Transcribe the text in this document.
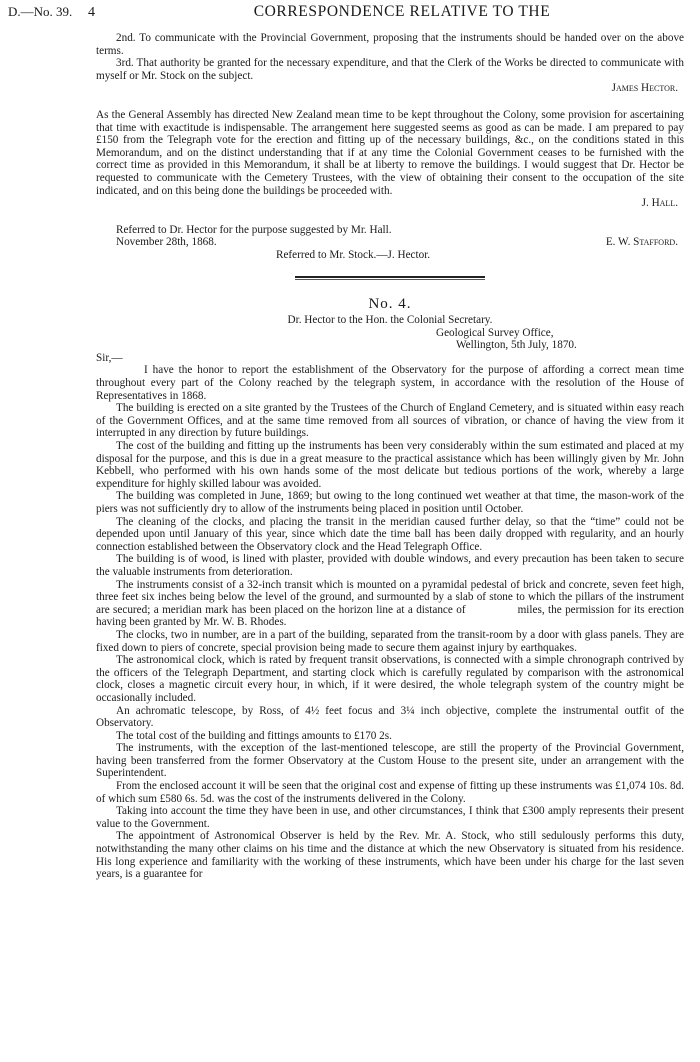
D.—No. 39.	4	CORRESPONDENCE RELATIVE TO THE

2nd. To communicate with the Provincial Government, proposing that the instruments should be handed over on the above terms.

3rd. That authority be granted for the necessary expenditure, and that the Clerk of the Works be directed to communicate with myself or Mr. Stock on the subject.

James Hector.

As the General Assembly has directed New Zealand mean time to be kept throughout the Colony, some provision for ascertaining that time with exactitude is indispensable. The arrangement here suggested seems as good as can be made. I am prepared to pay £150 from the Telegraph vote for the erection and fitting up of the necessary buildings, &c., on the conditions stated in this Memorandum, and on the distinct understanding that if at any time the Colonial Government ceases to be furnished with the correct time as provided in this Memorandum, it shall be at liberty to remove the buildings. I would suggest that Dr. Hector be requested to communicate with the Cemetery Trustees, with the view of obtaining their consent to the occupation of the site indicated, and on this being done the buildings be proceeded with.

J. Hall.

Referred to Dr. Hector for the purpose suggested by Mr. Hall.

November 28th, 1868.	E. W. Stafford.

Referred to Mr. Stock.—J. Hector.

No. 4.

Dr. Hector to the Hon. the Colonial Secretary.

Geological Survey Office,

Wellington, 5th July, 1870.

Sir,—

I have the honor to report the establishment of the Observatory for the purpose of affording a correct mean time throughout every part of the Colony reached by the telegraph system, in accordance with the resolution of the House of Representatives in 1868.

The building is erected on a site granted by the Trustees of the Church of England Cemetery, and is situated within easy reach of the Government Offices, and at the same time removed from all sources of vibration, or chance of having the view from it interrupted in any direction by future buildings.

The cost of the building and fitting up the instruments has been very considerably within the sum estimated and placed at my disposal for the purpose, and this is due in a great measure to the practical assistance which has been willingly given by Mr. John Kebbell, who performed with his own hands some of the most delicate but tedious portions of the work, whereby a large expenditure for highly skilled labour was avoided.

The building was completed in June, 1869; but owing to the long continued wet weather at that time, the mason-work of the piers was not sufficiently dry to allow of the instruments being placed in position until October.

The cleaning of the clocks, and placing the transit in the meridian caused further delay, so that the “time” could not be depended upon until January of this year, since which date the time ball has been daily dropped with regularity, and an hourly connection established between the Observatory clock and the Head Telegraph Office.

The building is of wood, is lined with plaster, provided with double windows, and every precaution has been taken to secure the valuable instruments from deterioration.

The instruments consist of a 32-inch transit which is mounted on a pyramidal pedestal of brick and concrete, seven feet high, three feet six inches being below the level of the ground, and surmounted by a slab of stone to which the pillars of the instrument are secured; a meridian mark has been placed on the horizon line at a distance of	miles, the permission for its erection having been granted by Mr. W. B. Rhodes.

The clocks, two in number, are in a part of the building, separated from the transit-room by a door with glass panels. They are fixed down to piers of concrete, special provision being made to secure them against injury by earthquakes.

The astronomical clock, which is rated by frequent transit observations, is connected with a simple chronograph contrived by the officers of the Telegraph Department, and starting clock which is carefully regulated by comparison with the astronomical clock, closes a magnetic circuit every hour, in which, if it were desired, the whole telegraph system of the country might be occasionally included.

An achromatic telescope, by Ross, of 4½ feet focus and 3¼ inch objective, complete the instrumental outfit of the Observatory.

The total cost of the building and fittings amounts to £170 2s.

The instruments, with the exception of the last-mentioned telescope, are still the property of the Provincial Government, having been transferred from the former Observatory at the Custom House to the present site, under an arrangement with the Superintendent.

From the enclosed account it will be seen that the original cost and expense of fitting up these instruments was £1,074 10s. 8d. of which sum £580 6s. 5d. was the cost of the instruments delivered in the Colony.

Taking into account the time they have been in use, and other circumstances, I think that £300 amply represents their present value to the Government.

The appointment of Astronomical Observer is held by the Rev. Mr. A. Stock, who still sedulously performs this duty, notwithstanding the many other claims on his time and the distance at which the new Observatory is situated from his residence. His long experience and familiarity with the working of these instruments, which have been under his charge for the last seven years, is a guarantee for
